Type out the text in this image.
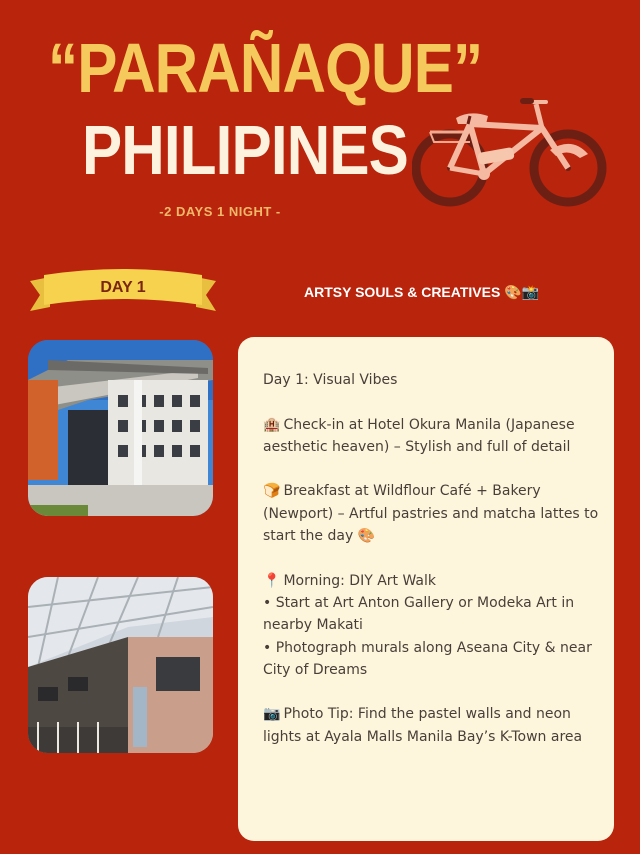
“PARAÑAQUE”
PHILIPINES
-2 DAYS 1 NIGHT -
DAY 1	ARTSY SOULS & CREATIVES 🎨📸

Day 1: Visual Vibes

🏨 Check-in at Hotel Okura Manila (Japanese aesthetic heaven) – Stylish and full of detail

🍞 Breakfast at Wildflour Café + Bakery (Newport) – Artful pastries and matcha lattes to start the day 🎨

📍 Morning: DIY Art Walk
• Start at Art Anton Gallery or Modeka Art in nearby Makati
• Photograph murals along Aseana City & near City of Dreams

📷 Photo Tip: Find the pastel walls and neon lights at Ayala Malls Manila Bay’s K-Town area
